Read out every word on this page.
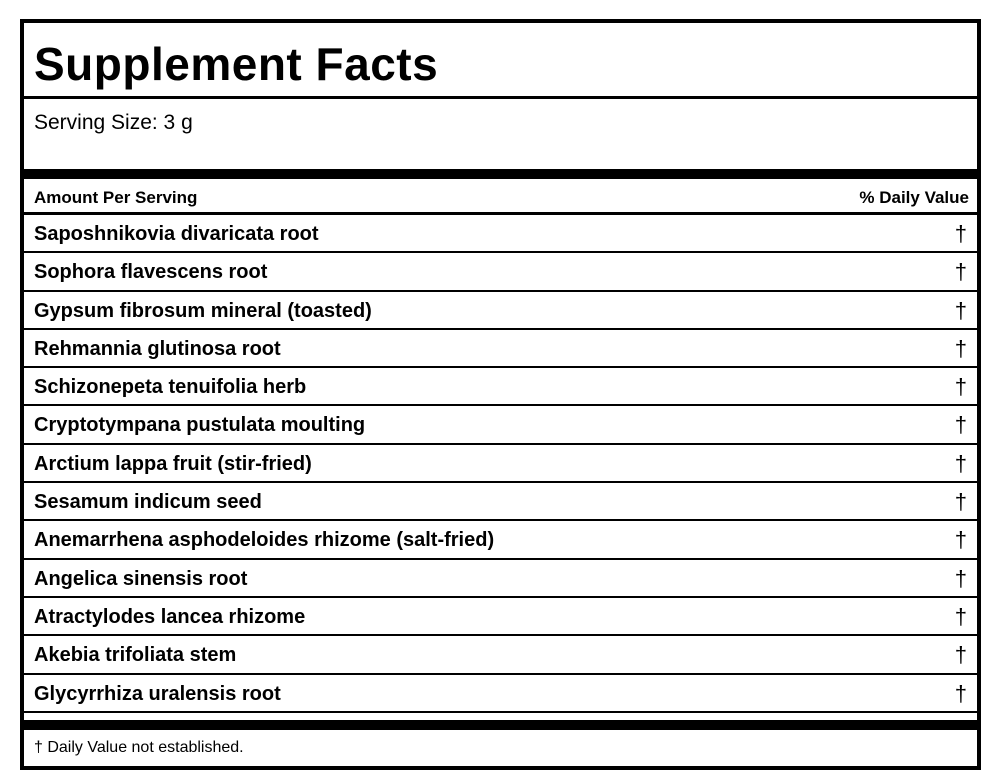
Supplement Facts
Serving Size: 3 g
Amount Per Serving	% Daily Value
Saposhnikovia divaricata root	†
Sophora flavescens root	†
Gypsum fibrosum mineral (toasted)	†
Rehmannia glutinosa root	†
Schizonepeta tenuifolia herb	†
Cryptotympana pustulata moulting	†
Arctium lappa fruit (stir-fried)	†
Sesamum indicum seed	†
Anemarrhena asphodeloides rhizome (salt-fried)	†
Angelica sinensis root	†
Atractylodes lancea rhizome	†
Akebia trifoliata stem	†
Glycyrrhiza uralensis root	†
† Daily Value not established.
